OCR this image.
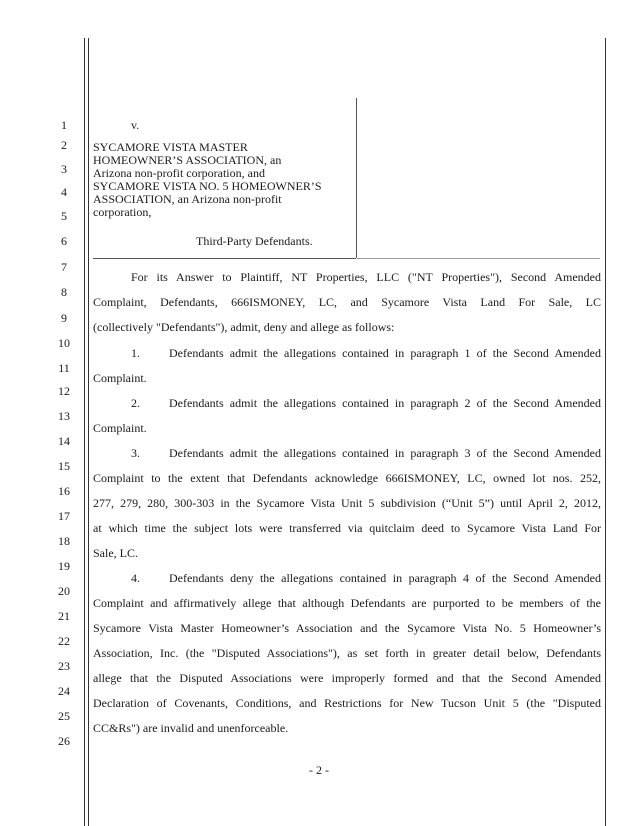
1
2
3
4
5
6
7
8
9
10
11
12
13
14
15
16
17
18
19
20
21
22
23
24
25
26
v.
SYCAMORE VISTA MASTER
HOMEOWNER’S ASSOCIATION, an
Arizona non-profit corporation, and
SYCAMORE VISTA NO. 5 HOMEOWNER’S
ASSOCIATION, an Arizona non-profit
corporation,
Third-Party Defendants.
For its Answer to Plaintiff, NT Properties, LLC ("NT Properties"), Second Amended
Complaint, Defendants, 666ISMONEY, LC, and Sycamore Vista Land For Sale, LC
(collectively "Defendants"), admit, deny and allege as follows:
1. Defendants admit the allegations contained in paragraph 1 of the Second Amended
Complaint.
2. Defendants admit the allegations contained in paragraph 2 of the Second Amended
Complaint.
3. Defendants admit the allegations contained in paragraph 3 of the Second Amended
Complaint to the extent that Defendants acknowledge 666ISMONEY, LC, owned lot nos. 252,
277, 279, 280, 300-303 in the Sycamore Vista Unit 5 subdivision (“Unit 5”) until April 2, 2012,
at which time the subject lots were transferred via quitclaim deed to Sycamore Vista Land For
Sale, LC.
4. Defendants deny the allegations contained in paragraph 4 of the Second Amended
Complaint and affirmatively allege that although Defendants are purported to be members of the
Sycamore Vista Master Homeowner’s Association and the Sycamore Vista No. 5 Homeowner’s
Association, Inc. (the "Disputed Associations"), as set forth in greater detail below, Defendants
allege that the Disputed Associations were improperly formed and that the Second Amended
Declaration of Covenants, Conditions, and Restrictions for New Tucson Unit 5 (the "Disputed
CC&Rs") are invalid and unenforceable.
- 2 -
